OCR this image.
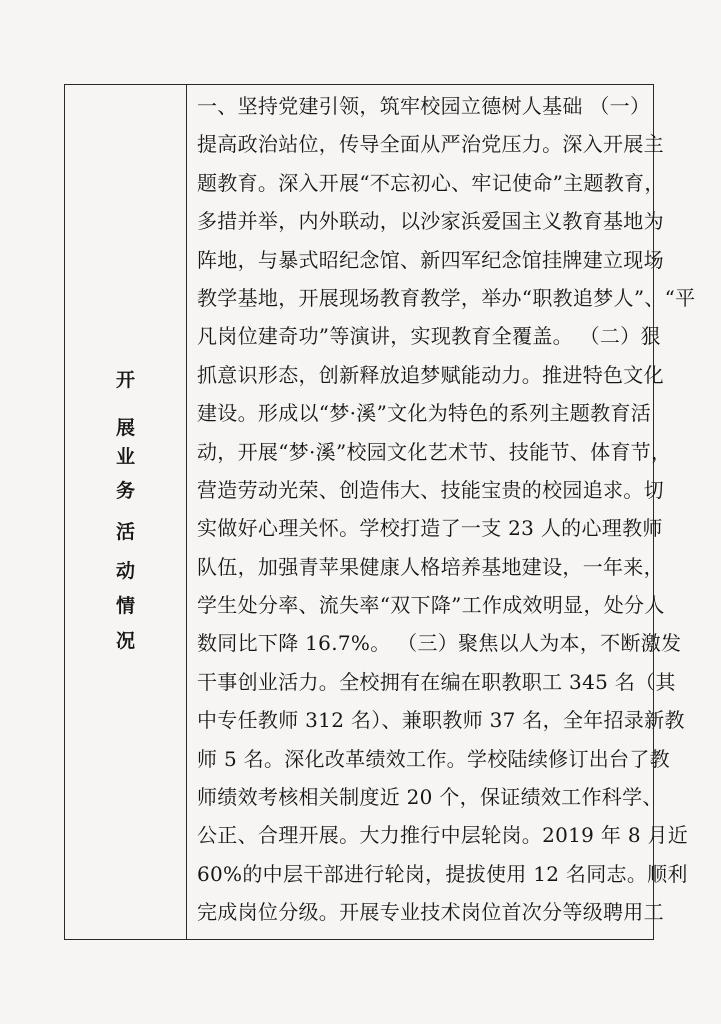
开
展
业
务
活
动
情
况
一、坚持党建引领，筑牢校园立德树人基础 （一）
提高政治站位，传导全面从严治党压力。深入开展主
题教育。深入开展“不忘初心、牢记使命”主题教育，
多措并举，内外联动，以沙家浜爱国主义教育基地为
阵地，与暴式昭纪念馆、新四军纪念馆挂牌建立现场
教学基地，开展现场教育教学，举办“职教追梦人”、“平
凡岗位建奇功”等演讲，实现教育全覆盖。 （二）狠
抓意识形态，创新释放追梦赋能动力。推进特色文化
建设。形成以“梦·溪”文化为特色的系列主题教育活
动，开展“梦·溪”校园文化艺术节、技能节、体育节，
营造劳动光荣、创造伟大、技能宝贵的校园追求。切
实做好心理关怀。学校打造了一支 23 人的心理教师
队伍，加强青苹果健康人格培养基地建设，一年来，
学生处分率、流失率“双下降”工作成效明显，处分人
数同比下降 16.7%。 （三）聚焦以人为本，不断激发
干事创业活力。全校拥有在编在职教职工 345 名（其
中专任教师 312 名）、兼职教师 37 名，全年招录新教
师 5 名。深化改革绩效工作。学校陆续修订出台了教
师绩效考核相关制度近 20 个，保证绩效工作科学、
公正、合理开展。大力推行中层轮岗。2019 年 8 月近
60%的中层干部进行轮岗，提拔使用 12 名同志。顺利
完成岗位分级。开展专业技术岗位首次分等级聘用工
